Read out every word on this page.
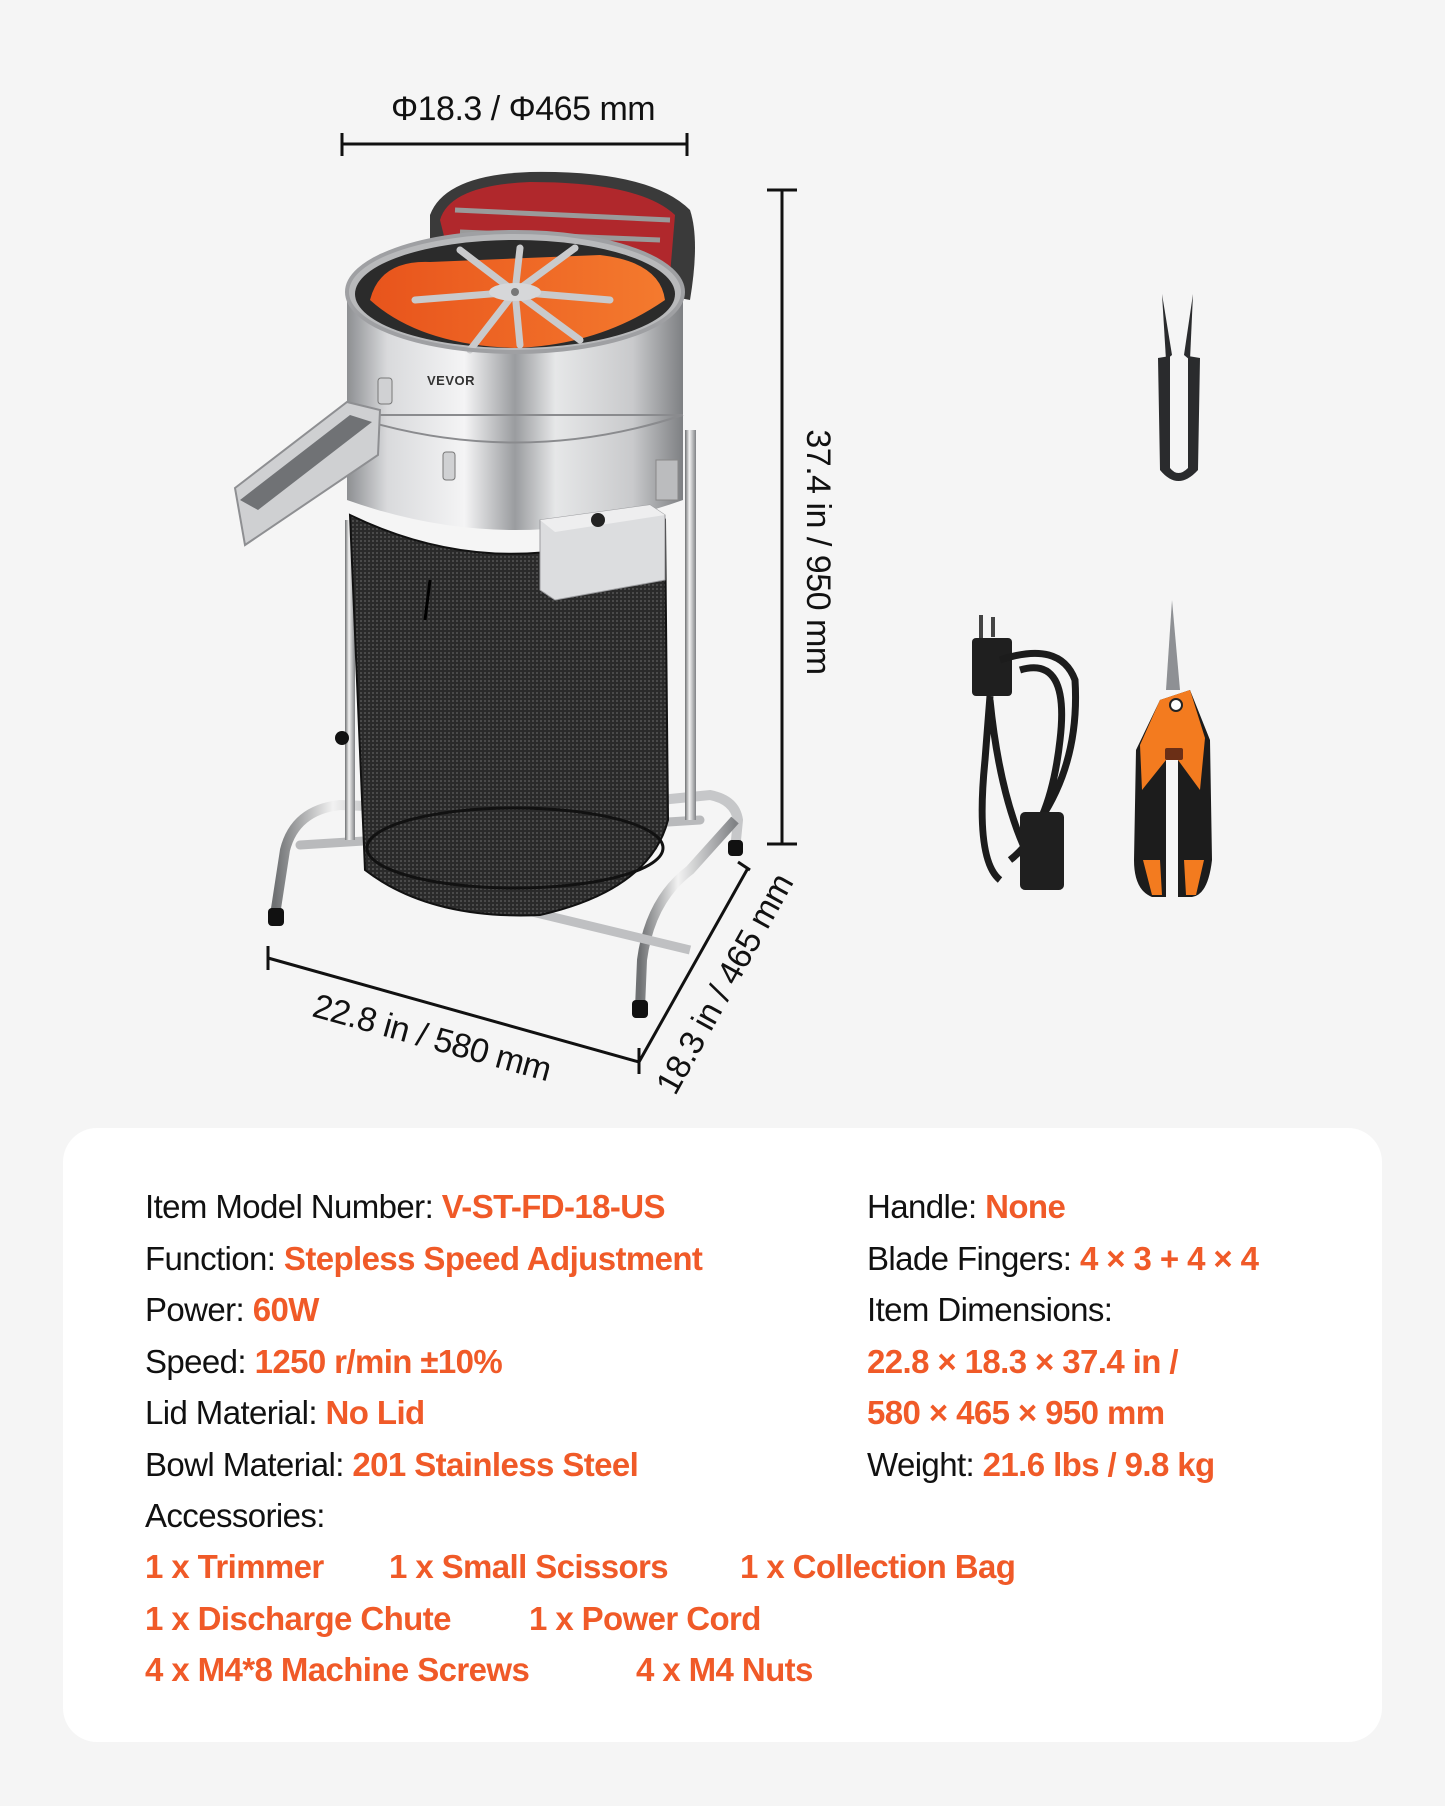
Φ18.3 / Φ465 mm
37.4 in / 950 mm
22.8 in / 580 mm	18.3 in / 465 mm
VEVOR
Item Model Number: V-ST-FD-18-US
Function: Stepless Speed Adjustment
Power: 60W
Speed: 1250 r/min ±10%
Lid Material: No Lid
Bowl Material: 201 Stainless Steel
Handle: None
Blade Fingers: 4 × 3 + 4 × 4
Item Dimensions:
22.8 × 18.3 × 37.4 in /
580 × 465 × 950 mm
Weight: 21.6 lbs / 9.8 kg
Accessories:
1 x Trimmer 1 x Small Scissors 1 x Collection Bag
1 x Discharge Chute 1 x Power Cord
4 x M4*8 Machine Screws	4 x M4 Nuts
